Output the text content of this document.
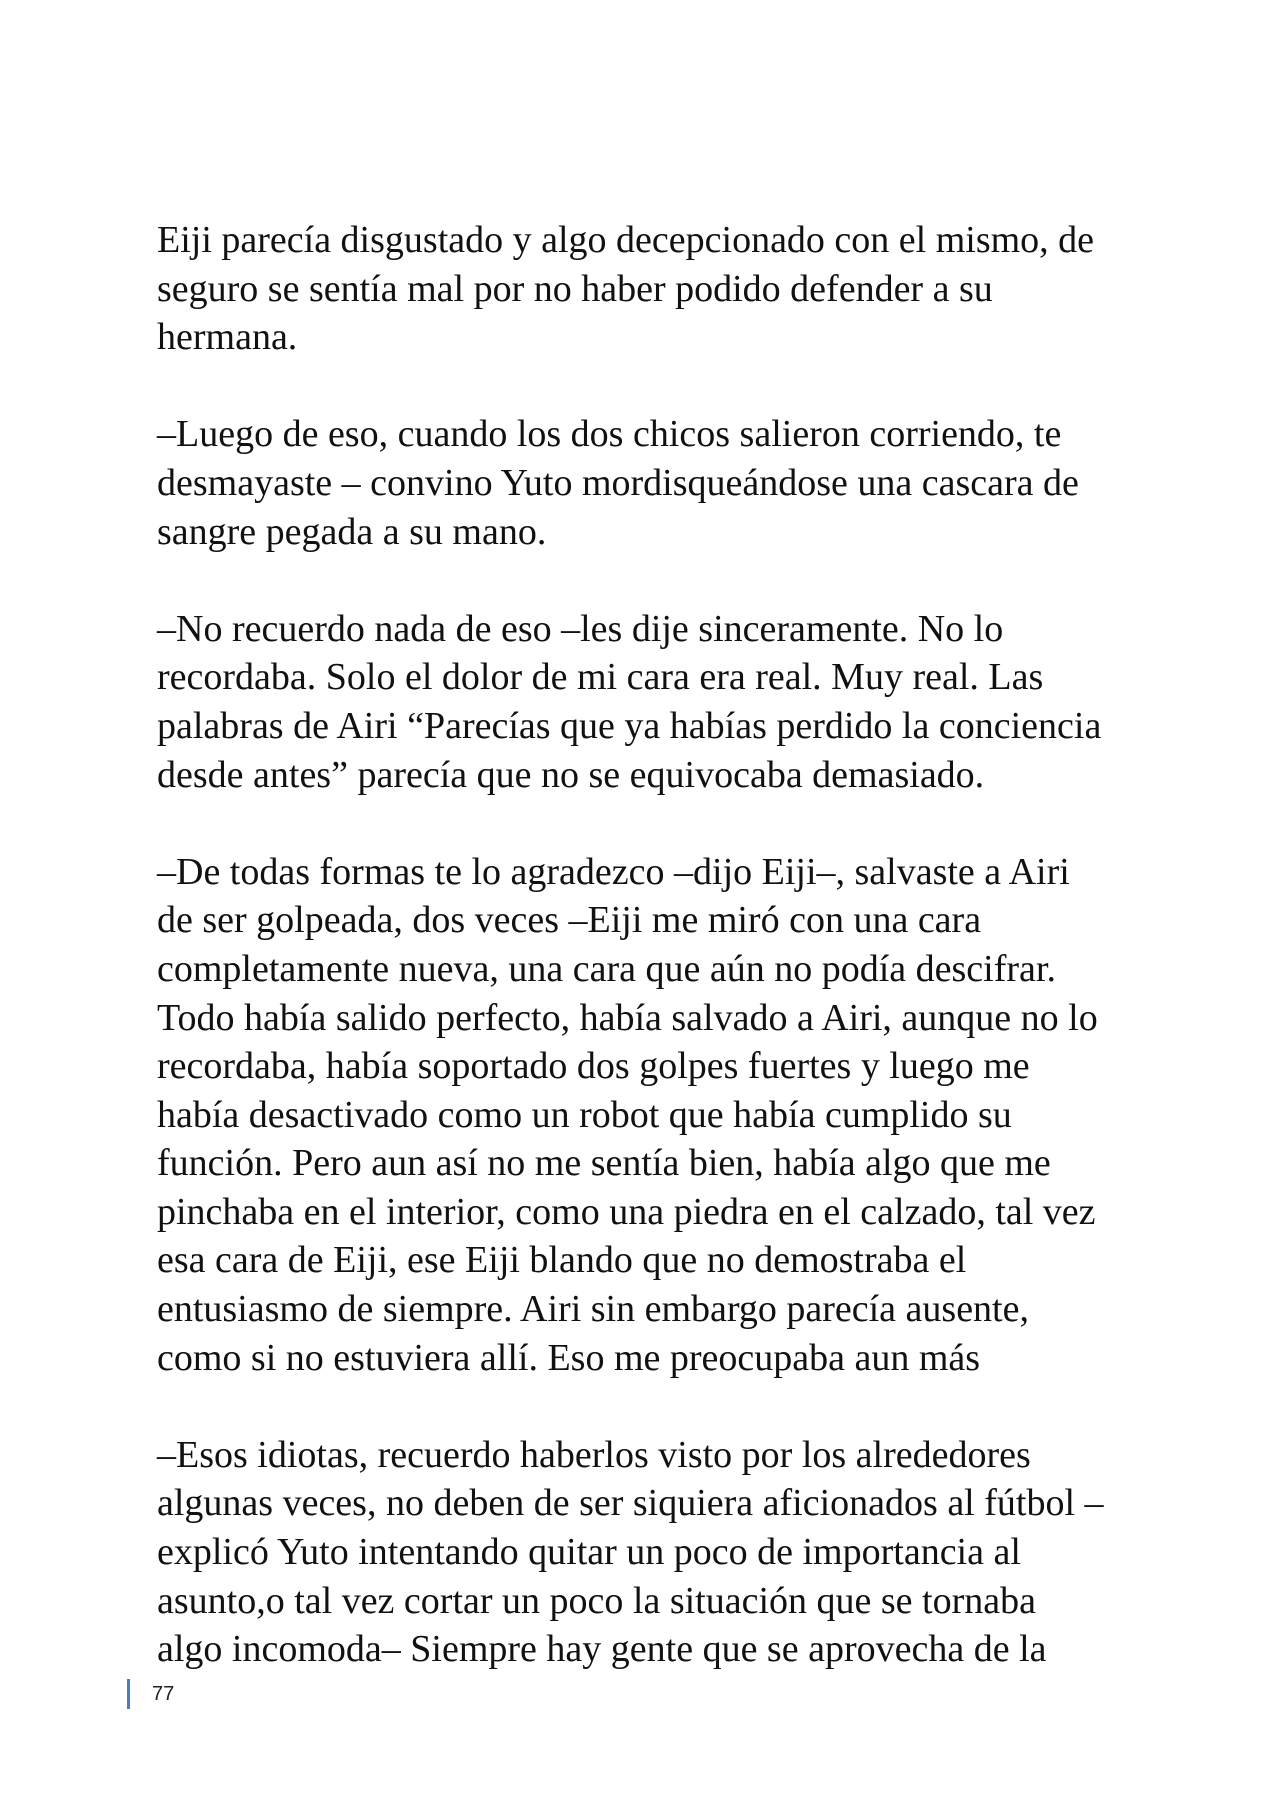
Eiji parecía disgustado y algo decepcionado con el mismo, de
seguro se sentía mal por no haber podido defender a su
hermana.

–Luego de eso, cuando los dos chicos salieron corriendo, te
desmayaste – convino Yuto mordisqueándose una cascara de
sangre pegada a su mano.

–No recuerdo nada de eso –les dije sinceramente. No lo
recordaba. Solo el dolor de mi cara era real. Muy real. Las
palabras de Airi “Parecías que ya habías perdido la conciencia
desde antes” parecía que no se equivocaba demasiado.

–De todas formas te lo agradezco –dijo Eiji–, salvaste a Airi
de ser golpeada, dos veces –Eiji me miró con una cara
completamente nueva, una cara que aún no podía descifrar.
Todo había salido perfecto, había salvado a Airi, aunque no lo
recordaba, había soportado dos golpes fuertes y luego me
había desactivado como un robot que había cumplido su
función. Pero aun así no me sentía bien, había algo que me
pinchaba en el interior, como una piedra en el calzado, tal vez
esa cara de Eiji, ese Eiji blando que no demostraba el
entusiasmo de siempre. Airi sin embargo parecía ausente,
como si no estuviera allí. Eso me preocupaba aun más

–Esos idiotas, recuerdo haberlos visto por los alrededores
algunas veces, no deben de ser siquiera aficionados al fútbol –
explicó Yuto intentando quitar un poco de importancia al
asunto,o tal vez cortar un poco la situación que se tornaba
algo incomoda– Siempre hay gente que se aprovecha de la

77
